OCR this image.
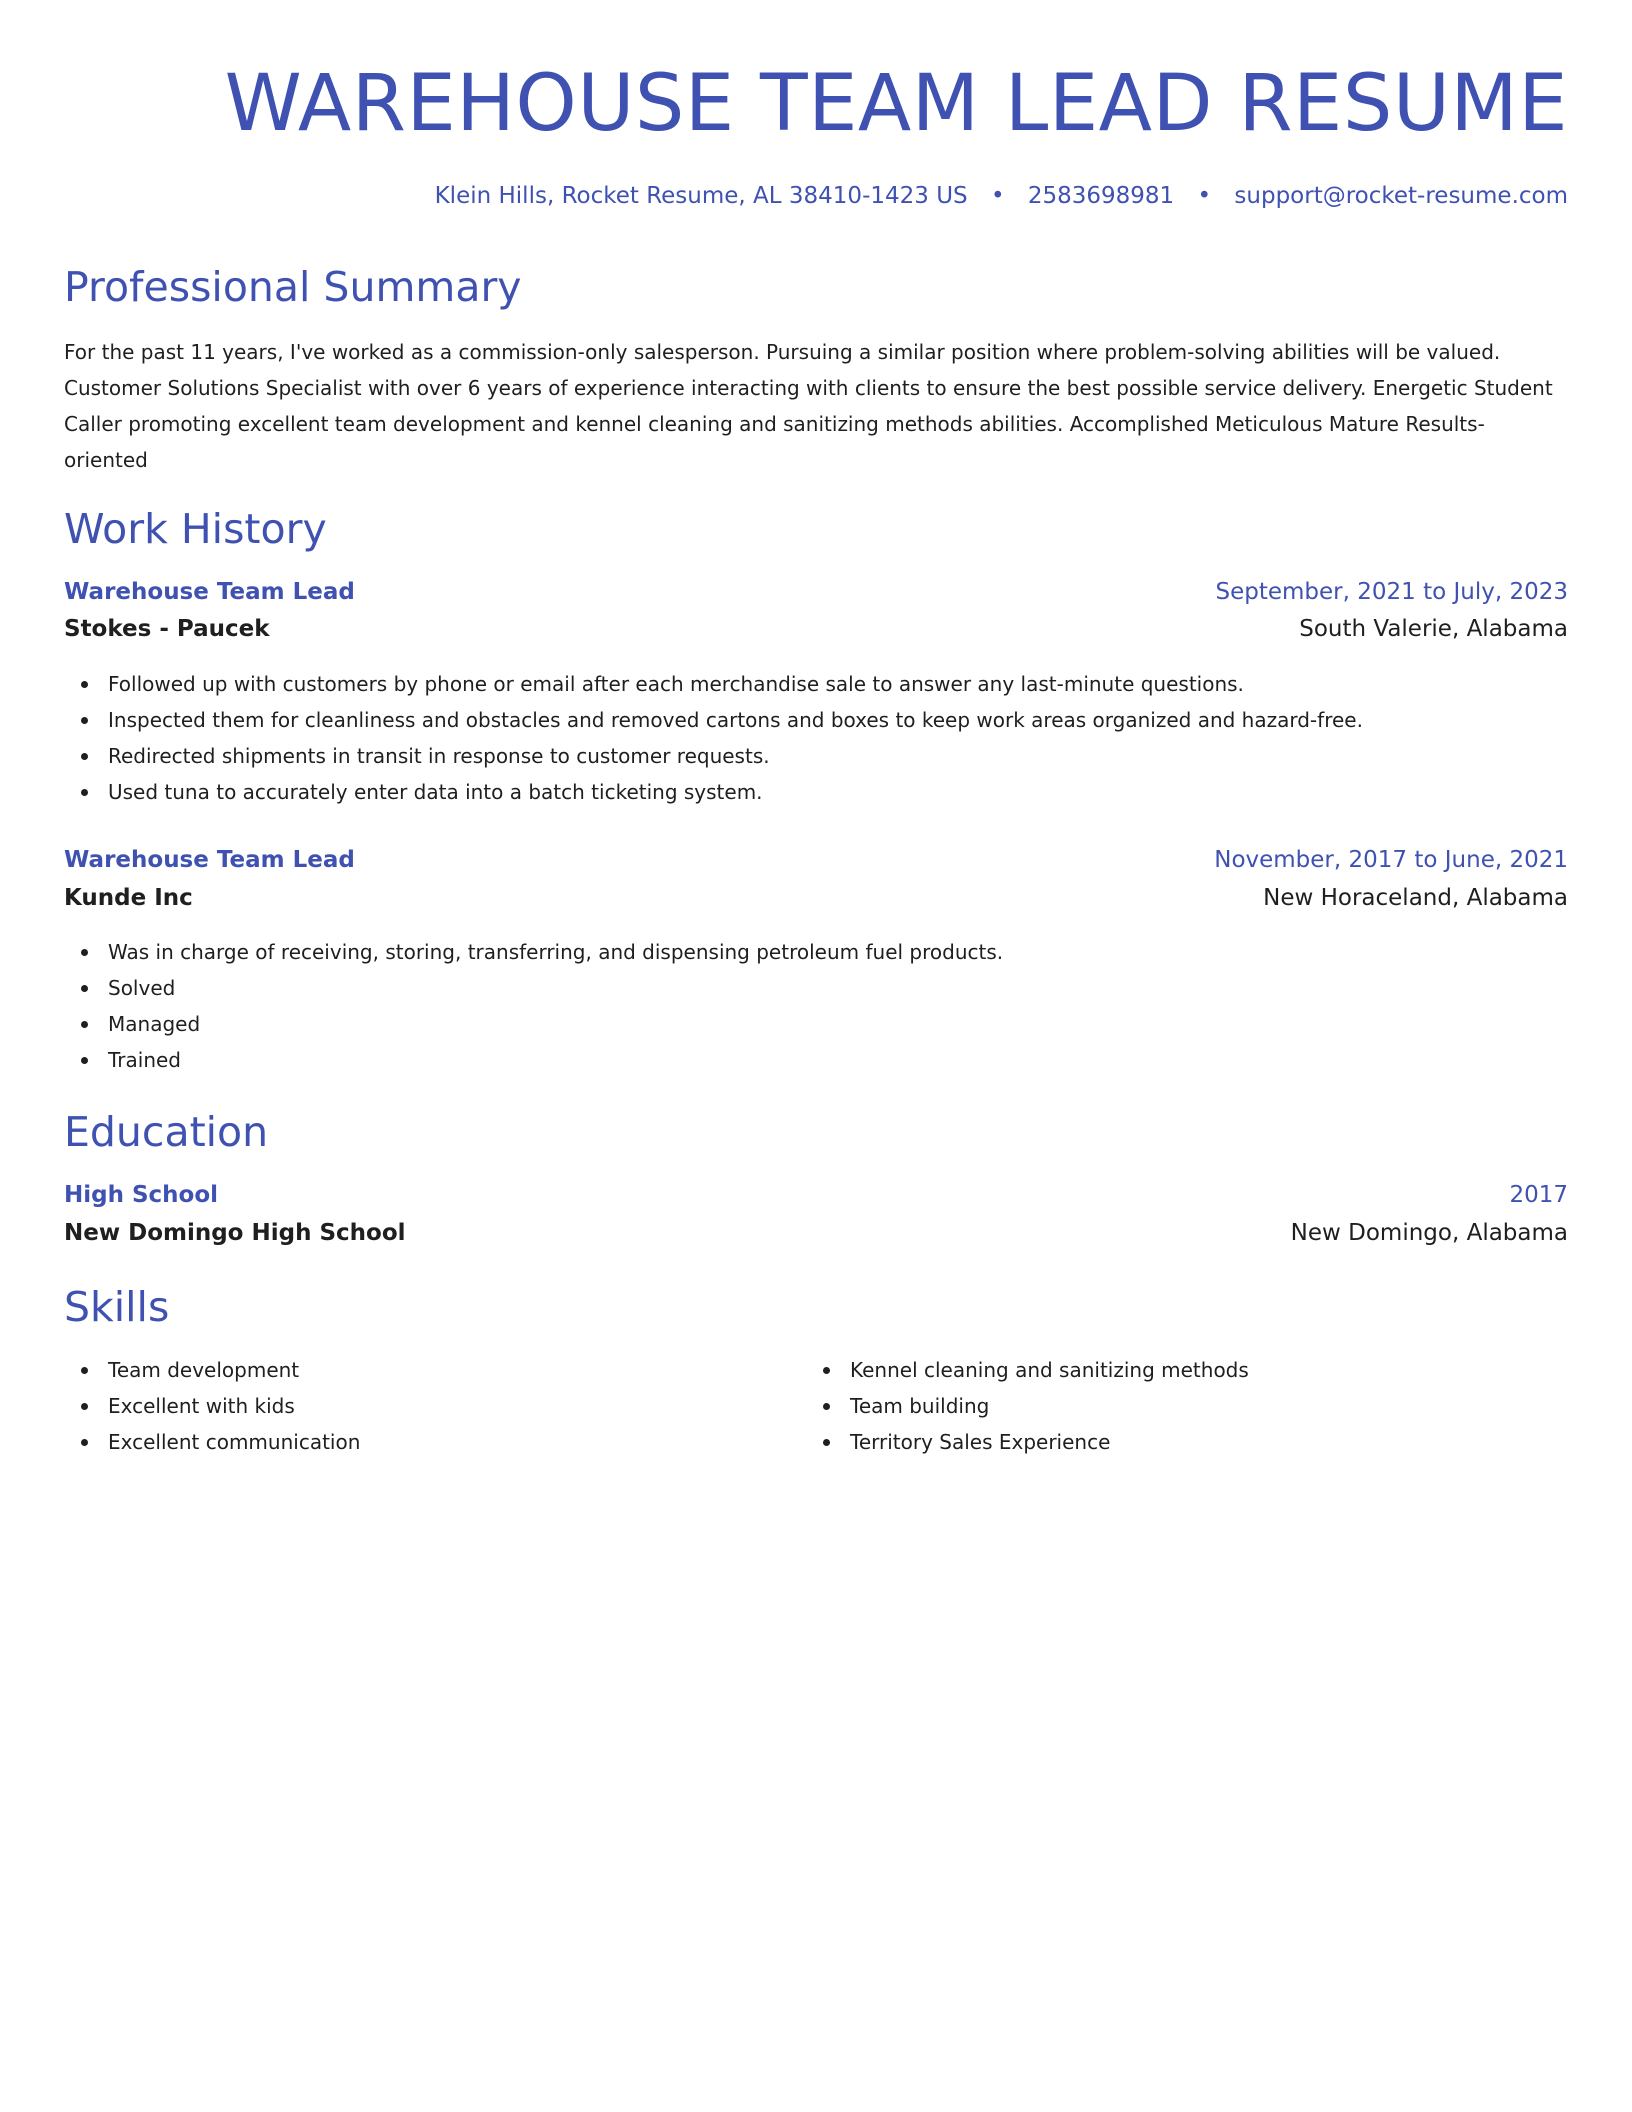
WAREHOUSE TEAM LEAD RESUME
Klein Hills, Rocket Resume, AL 38410-1423 US • 2583698981 • support@rocket-resume.com
Professional Summary
For the past 11 years, I've worked as a commission-only salesperson. Pursuing a similar position where problem-solving abilities will be valued. Customer Solutions Specialist with over 6 years of experience interacting with clients to ensure the best possible service delivery. Energetic Student Caller promoting excellent team development and kennel cleaning and sanitizing methods abilities. Accomplished Meticulous Mature Results-oriented
Work History
Warehouse Team Lead	September, 2021 to July, 2023
Stokes - Paucek	South Valerie, Alabama
Followed up with customers by phone or email after each merchandise sale to answer any last-minute questions.
Inspected them for cleanliness and obstacles and removed cartons and boxes to keep work areas organized and hazard-free.
Redirected shipments in transit in response to customer requests.
Used tuna to accurately enter data into a batch ticketing system.
Warehouse Team Lead	November, 2017 to June, 2021
Kunde Inc	New Horaceland, Alabama
Was in charge of receiving, storing, transferring, and dispensing petroleum fuel products.
Solved
Managed
Trained
Education
High School	2017
New Domingo High School	New Domingo, Alabama
Skills
Team development
Excellent with kids
Excellent communication
Kennel cleaning and sanitizing methods
Team building
Territory Sales Experience
